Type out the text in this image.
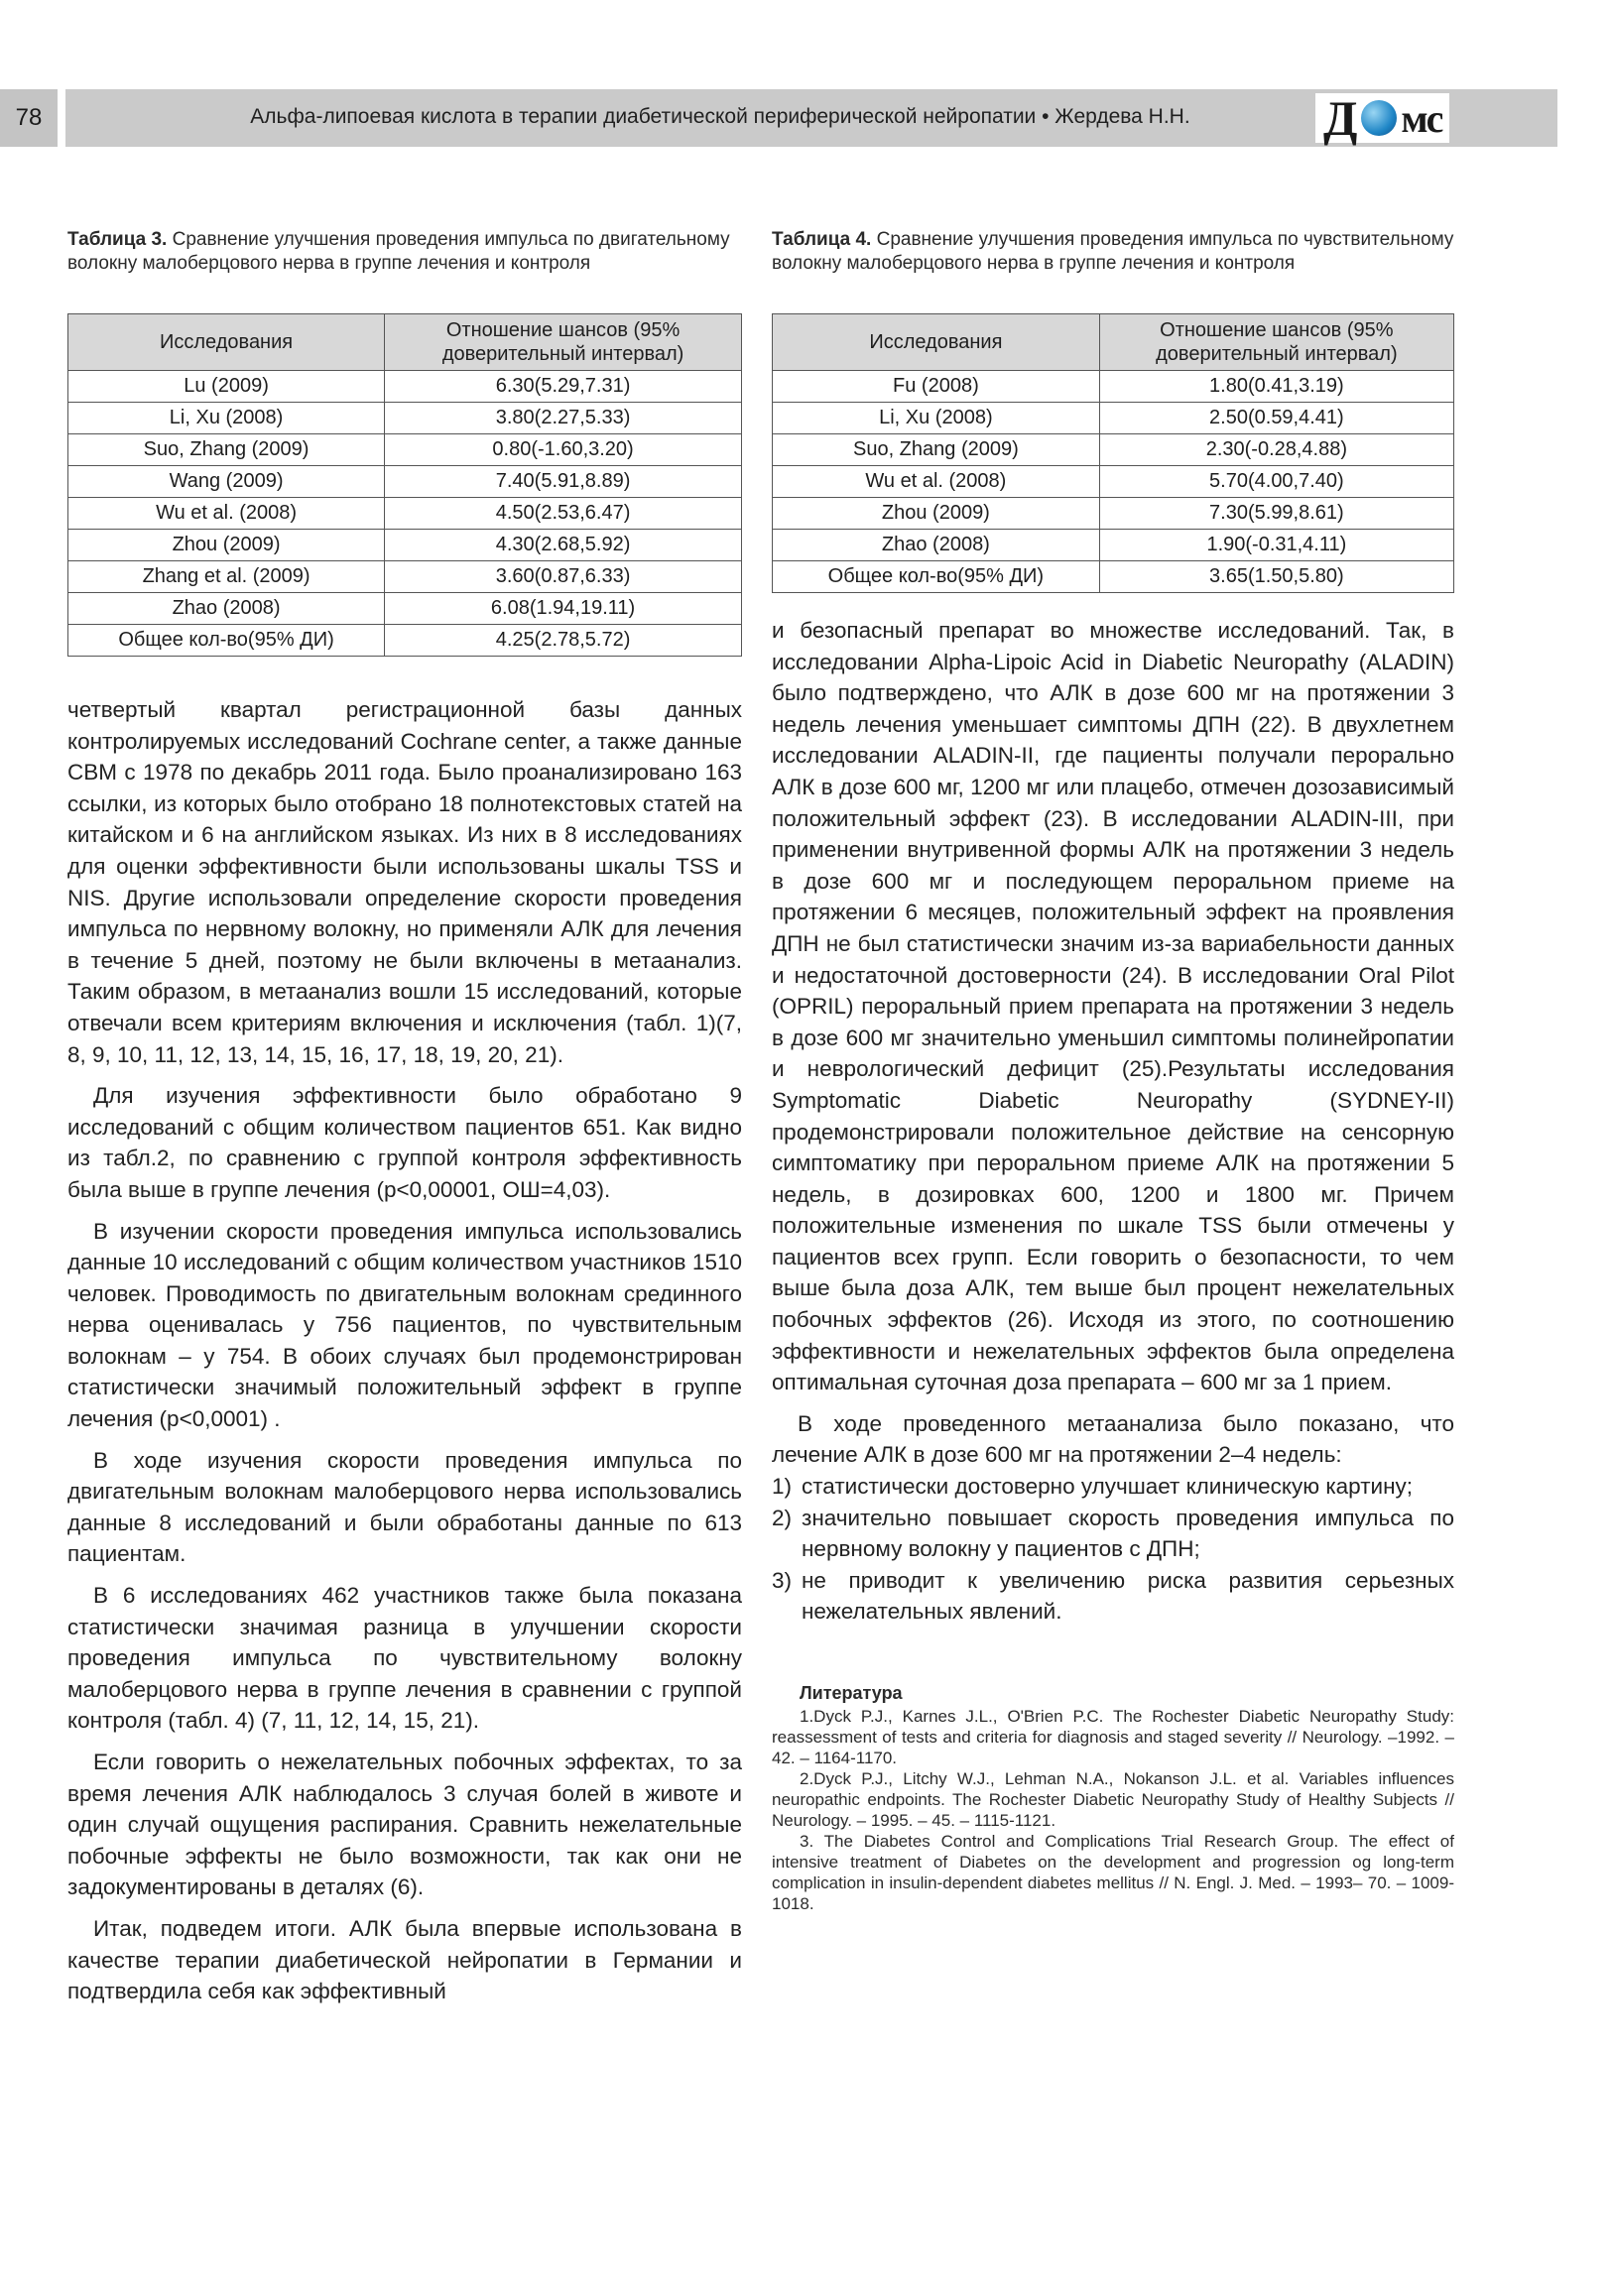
78	Альфа-липоевая кислота в терапии диабетической периферической нейропатии • Жердева Н.Н.	Д мс

Таблица 3. Сравнение улучшения проведения импульса по двигательному волокну малоберцового нерва в группе лечения и контроля

Исследования	Отношение шансов (95% доверительный интервал)
Lu (2009)	6.30(5.29,7.31)
Li, Xu (2008)	3.80(2.27,5.33)
Suo, Zhang (2009)	0.80(-1.60,3.20)
Wang (2009)	7.40(5.91,8.89)
Wu et al. (2008)	4.50(2.53,6.47)
Zhou (2009)	4.30(2.68,5.92)
Zhang et al. (2009)	3.60(0.87,6.33)
Zhao (2008)	6.08(1.94,19.11)
Общее кол-во(95% ДИ)	4.25(2.78,5.72)

четвертый квартал регистрационной базы данных контролируемых исследований Cochrane center, а также данные CBM с 1978 по декабрь 2011 года. Было проанализировано 163 ссылки, из которых было отобрано 18 полнотекстовых статей на китайском и 6 на английском языках. Из них в 8 исследованиях для оценки эффективности были использованы шкалы TSS и NIS. Другие использовали определение скорости проведения импульса по нервному волокну, но применяли АЛК для лечения в течение 5 дней, поэтому не были включены в метаанализ. Таким образом, в метаанализ вошли 15 исследований, которые отвечали всем критериям включения и исключения (табл. 1)(7, 8, 9, 10, 11, 12, 13, 14, 15, 16, 17, 18, 19, 20, 21).

Для изучения эффективности было обработано 9 исследований с общим количеством пациентов 651. Как видно из табл.2, по сравнению с группой контроля эффективность была выше в группе лечения (p<0,00001, ОШ=4,03).

В изучении скорости проведения импульса использовались данные 10 исследований с общим количеством участников 1510 человек. Проводимость по двигательным волокнам срединного нерва оценивалась у 756 пациентов, по чувствительным волокнам – у 754. В обоих случаях был продемонстрирован статистически значимый положительный эффект в группе лечения (p<0,0001) .

В ходе изучения скорости проведения импульса по двигательным волокнам малоберцового нерва использовались данные 8 исследований и были обработаны данные по 613 пациентам.

В 6 исследованиях 462 участников также была показана статистически значимая разница в улучшении скорости проведения импульса по чувствительному волокну малоберцового нерва в группе лечения в сравнении с группой контроля (табл. 4) (7, 11, 12, 14, 15, 21).

Если говорить о нежелательных побочных эффектах, то за время лечения АЛК наблюдалось 3 случая болей в животе и один случай ощущения распирания. Сравнить нежелательные побочные эффекты не было возможности, так как они не задокументированы в деталях (6).

Итак, подведем итоги. АЛК была впервые использована в качестве терапии диабетической нейропатии в Германии и подтвердила себя как эффективный

Таблица 4. Сравнение улучшения проведения импульса по чувствительному волокну малоберцового нерва в группе лечения и контроля

Исследования	Отношение шансов (95% доверительный интервал)
Fu (2008)	1.80(0.41,3.19)
Li, Xu (2008)	2.50(0.59,4.41)
Suo, Zhang (2009)	2.30(-0.28,4.88)
Wu et al. (2008)	5.70(4.00,7.40)
Zhou (2009)	7.30(5.99,8.61)
Zhao (2008)	1.90(-0.31,4.11)
Общее кол-во(95% ДИ)	3.65(1.50,5.80)

и безопасный препарат во множестве исследований. Так, в исследовании Alpha-Lipoic Acid in Diabetic Neuropathy (ALADIN) было подтверждено, что АЛК в дозе 600 мг на протяжении 3 недель лечения уменьшает симптомы ДПН (22). В двухлетнем исследовании ALADIN-II, где пациенты получали перорально АЛК в дозе 600 мг, 1200 мг или плацебо, отмечен дозозависимый положительный эффект (23). В исследовании ALADIN-III, при применении внутривенной формы АЛК на протяжении 3 недель в дозе 600 мг и последующем пероральном приеме на протяжении 6 месяцев, положительный эффект на проявления ДПН не был статистически значим из-за вариабельности данных и недостаточной достоверности (24). В исследовании Oral Pilot (OPRIL) пероральный прием препарата на протяжении 3 недель в дозе 600 мг значительно уменьшил симптомы полинейропатии и неврологический дефицит (25).Результаты исследования Symptomatic Diabetic Neuropathy (SYDNEY-II) продемонстрировали положительное действие на сенсорную симптоматику при пероральном приеме АЛК на протяжении 5 недель, в дозировках 600, 1200 и 1800 мг. Причем положительные изменения по шкале TSS были отмечены у пациентов всех групп. Если говорить о безопасности, то чем выше была доза АЛК, тем выше был процент нежелательных побочных эффектов (26). Исходя из этого, по соотношению эффективности и нежелательных эффектов была определена оптимальная суточная доза препарата – 600 мг за 1 прием.

В ходе проведенного метаанализа было показано, что лечение АЛК в дозе 600 мг на протяжении 2–4 недель:

1) статистически достоверно улучшает клиническую картину;
2) значительно повышает скорость проведения импульса по нервному волокну у пациентов с ДПН;
3) не приводит к увеличению риска развития серьезных нежелательных явлений.
Литература

1.Dyck P.J., Karnes J.L., O'Brien P.C. The Rochester Diabetic Neuropathy Study: reassessment of tests and criteria for diagnosis and staged severity // Neurology. –1992. – 42. – 1164-1170.

2.Dyck P.J., Litchy W.J., Lehman N.A., Nokanson J.L. et al. Variables influences neuropathic endpoints. The Rochester Diabetic Neuropathy Study of Healthy Subjects // Neurology. – 1995. – 45. – 1115-1121.

3. The Diabetes Control and Complications Trial Research Group. The effect of intensive treatment of Diabetes on the development and progression og long-term complication in insulin-dependent diabetes mellitus // N. Engl. J. Med. – 1993– 70. – 1009-1018.
